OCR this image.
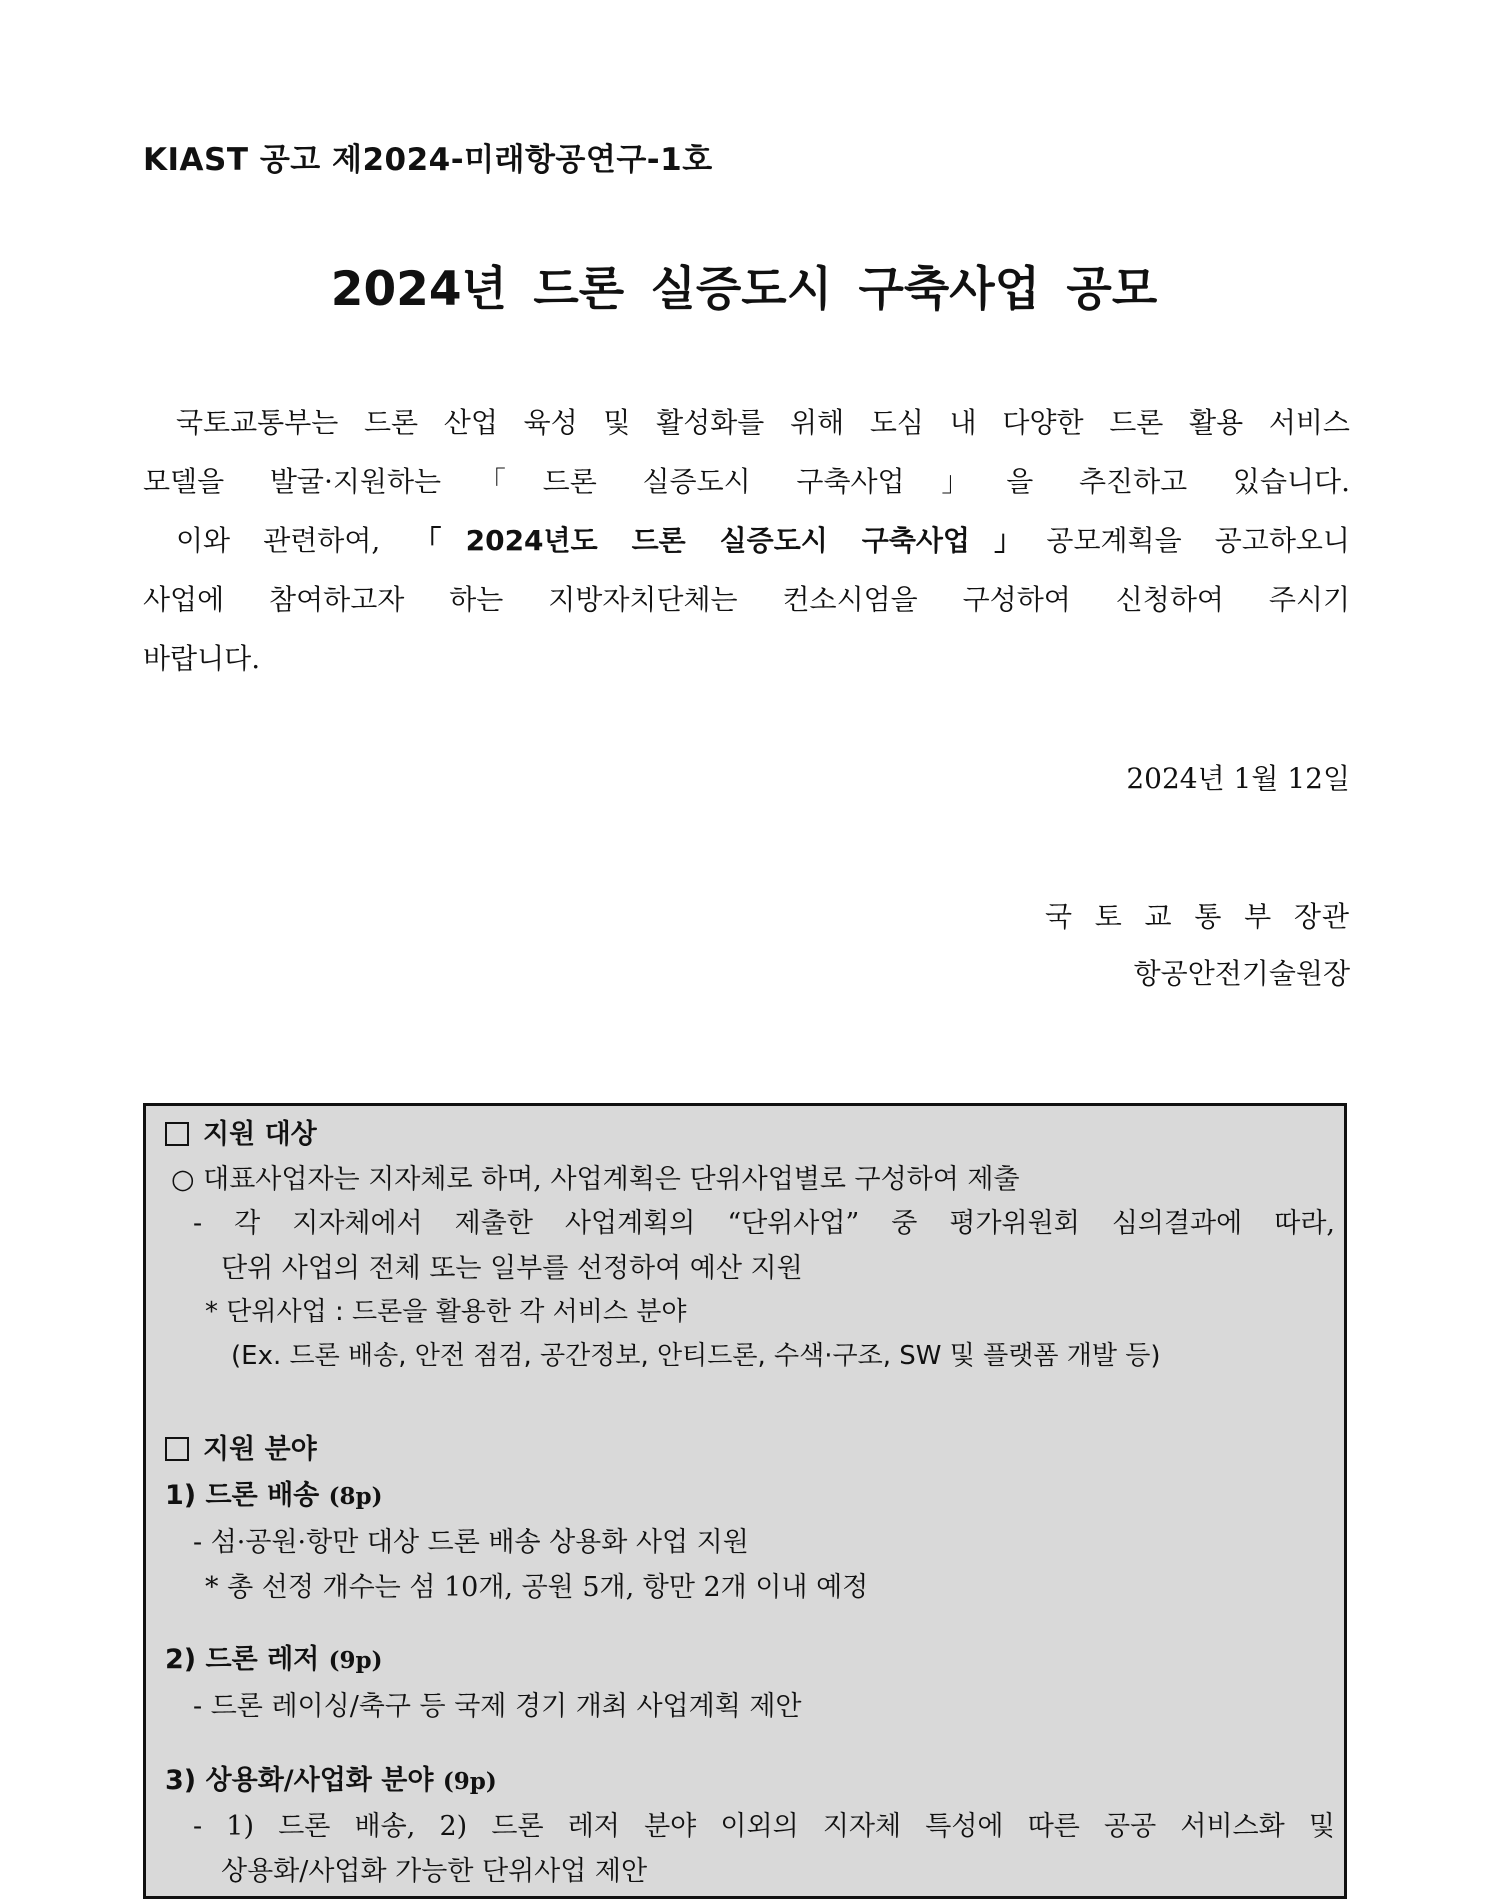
KIAST 공고 제2024-미래항공연구-1호
2024년 드론 실증도시 구축사업 공모
국토교통부는 드론 산업 육성 및 활성화를 위해 도심 내 다양한 드론 활용 서비스
모델을 발굴·지원하는「드론 실증도시 구축사업」을 추진하고 있습니다.
이와 관련하여, 「2024년도 드론 실증도시 구축사업」공모계획을 공고하오니
사업에 참여하고자 하는 지방자치단체는 컨소시엄을 구성하여 신청하여 주시기
바랍니다.
2024년 1월 12일
국 토 교 통 부 장관
항공안전기술원장
지원 대상
○ 대표사업자는 지자체로 하며, 사업계획은 단위사업별로 구성하여 제출
- 각 지자체에서 제출한 사업계획의 “단위사업” 중 평가위원회 심의결과에 따라,
단위 사업의 전체 또는 일부를 선정하여 예산 지원
* 단위사업 : 드론을 활용한 각 서비스 분야
(Ex. 드론 배송, 안전 점검, 공간정보, 안티드론, 수색·구조, SW 및 플랫폼 개발 등)
지원 분야
1) 드론 배송 (8p)
- 섬·공원·항만 대상 드론 배송 상용화 사업 지원
* 총 선정 개수는 섬 10개, 공원 5개, 항만 2개 이내 예정
2) 드론 레저 (9p)
- 드론 레이싱/축구 등 국제 경기 개최 사업계획 제안
3) 상용화/사업화 분야 (9p)
- 1) 드론 배송, 2) 드론 레저 분야 이외의 지자체 특성에 따른 공공 서비스화 및
상용화/사업화 가능한 단위사업 제안
